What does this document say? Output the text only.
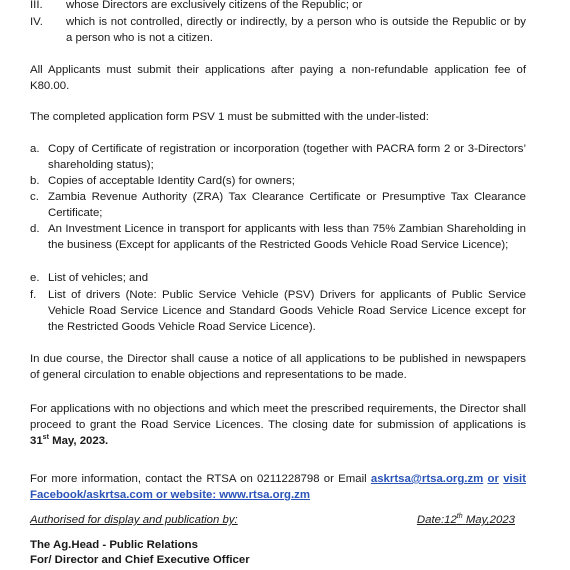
III.	whose Directors are exclusively citizens of the Republic; or
IV.	which is not controlled, directly or indirectly, by a person who is outside the Republic or by a person who is not a citizen.

All Applicants must submit their applications after paying a non-refundable application fee of K80.00.

The completed application form PSV 1 must be submitted with the under-listed:

a. Copy of Certificate of registration or incorporation (together with PACRA form 2 or 3-Directors’ shareholding status);
b. Copies of acceptable Identity Card(s) for owners;
c. Zambia Revenue Authority (ZRA) Tax Clearance Certificate or Presumptive Tax Clearance Certificate;
d. An Investment Licence in transport for applicants with less than 75% Zambian Shareholding in the business (Except for applicants of the Restricted Goods Vehicle Road Service Licence);
e. List of vehicles; and
f.	List of drivers (Note: Public Service Vehicle (PSV) Drivers for applicants of Public Service Vehicle Road Service Licence and Standard Goods Vehicle Road Service Licence except for the Restricted Goods Vehicle Road Service Licence).

In due course, the Director shall cause a notice of all applications to be published in newspapers of general circulation to enable objections and representations to be made.

For applications with no objections and which meet the prescribed requirements, the Director shall proceed to grant the Road Service Licences. The closing date for submission of applications is 31st May, 2023.

For more information, contact the RTSA on 0211228798 or Email askrtsa@rtsa.org.zm or visit Facebook/askrtsa.com or website: www.rtsa.org.zm

Authorised for display and publication by:	Date:12th May,2023
The Ag.Head - Public Relations
For/ Director and Chief Executive Officer
